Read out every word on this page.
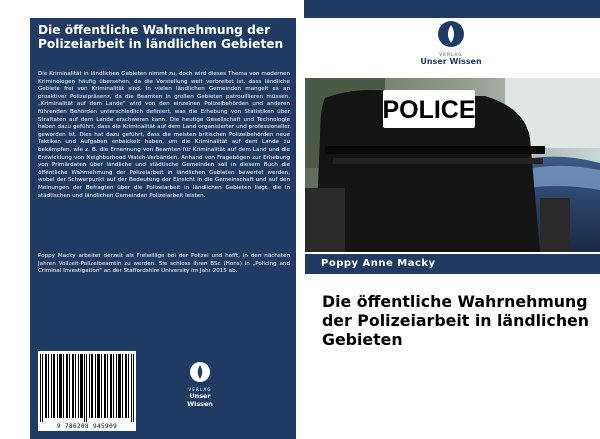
Die öffentliche Wahrnehmung der Polizeiarbeit in ländlichen Gebieten

Die Kriminalität in ländlichen Gebieten nimmt zu, doch wird dieses Thema von modernen Kriminologen häufig übersehen, da die Vorstellung weit verbreitet ist, dass ländliche Gebiete frei von Kriminalität sind. In vielen ländlichen Gemeinden mangelt es an proaktiver Polizeipräsenz, da die Beamten in großen Gebieten patrouillieren müssen. „Kriminalität auf dem Lande" wird von den einzelnen Polizeibehörden und anderen führenden Behörden unterschiedlich definiert, was die Erhebung von Statistiken über Straftaten auf dem Lande erschweren kann. Die heutige Gesellschaft und Technologie haben dazu geführt, dass die Kriminalität auf dem Land organisierter und professioneller geworden ist. Dies hat dazu geführt, dass die meisten britischen Polizeibehörden neue Taktiken und Aufgaben entwickelt haben, um die Kriminalität auf dem Lande zu bekämpfen, wie z. B. die Ernennung von Beamten für Kriminalität auf dem Land und die Entwicklung von Neighborhood Watch-Verbänden. Anhand von Fragebögen zur Erhebung von Primärdaten über ländliche und städtische Gemeinden soll in diesem Buch die öffentliche Wahrnehmung der Polizeiarbeit in ländlichen Gebieten bewertet werden, wobei der Schwerpunkt auf der Bedeutung der Einsicht in die Gemeinschaft und auf den Meinungen der Befragten über die Polizeiarbeit in ländlichen Gebieten liegt, die in städtischen und ländlichen Gemeinden Polizeiarbeit leisten.

Poppy Macky arbeitet derzeit als Freiwillige bei der Polizei und hofft, in den nächsten Jahren Vollzeit-Polizeibeamtin zu werden. Sie schloss ihren BSc (Hons) in „Policing and Criminal Investigation" an der Staffordshire University im Jahr 2015 ab.

9 786208 945909
VERLAG
Unser Wissen
VERLAG
Unser Wissen
POLICE
Poppy Anne Macky
Die öffentliche Wahrnehmung der Polizeiarbeit in ländlichen Gebieten
